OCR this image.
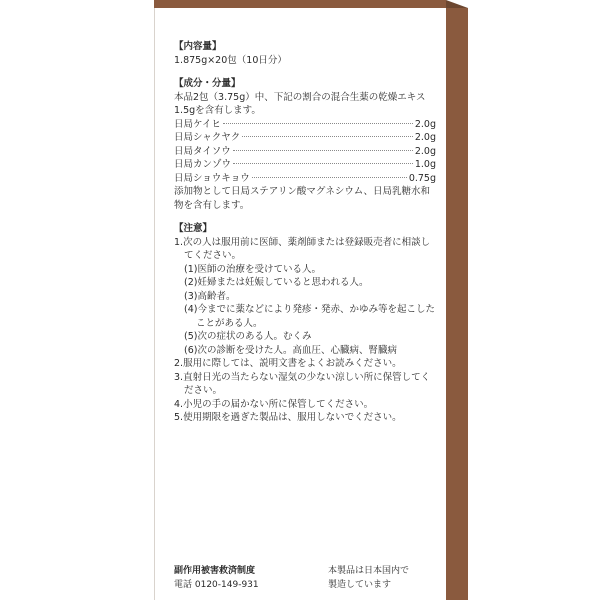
【内容量】
1.875g×20包（10日分）
【成分・分量】
本品2包（3.75g）中、下記の割合の混合生薬の乾燥エキス1.5gを含有します。
日局ケイヒ	2.0g
日局シャクヤク	2.0g
日局タイソウ	2.0g
日局カンゾウ	1.0g
日局ショウキョウ	0.75g
添加物として日局ステアリン酸マグネシウム、日局乳糖水和物を含有します。
【注意】
1.次の人は服用前に医師、薬剤師または登録販売者に相談してください。
(1)医師の治療を受けている人。
(2)妊婦または妊娠していると思われる人。
(3)高齢者。
(4)今までに薬などにより発疹・発赤、かゆみ等を起こしたことがある人。
(5)次の症状のある人。むくみ
(6)次の診断を受けた人。高血圧、心臓病、腎臓病
2.服用に際しては、説明文書をよくお読みください。
3.直射日光の当たらない湿気の少ない涼しい所に保管してください。
4.小児の手の届かない所に保管してください。
5.使用期限を過ぎた製品は、服用しないでください。
副作用被害救済制度
電話 0120-149-931
本製品は日本国内で
製造しています
